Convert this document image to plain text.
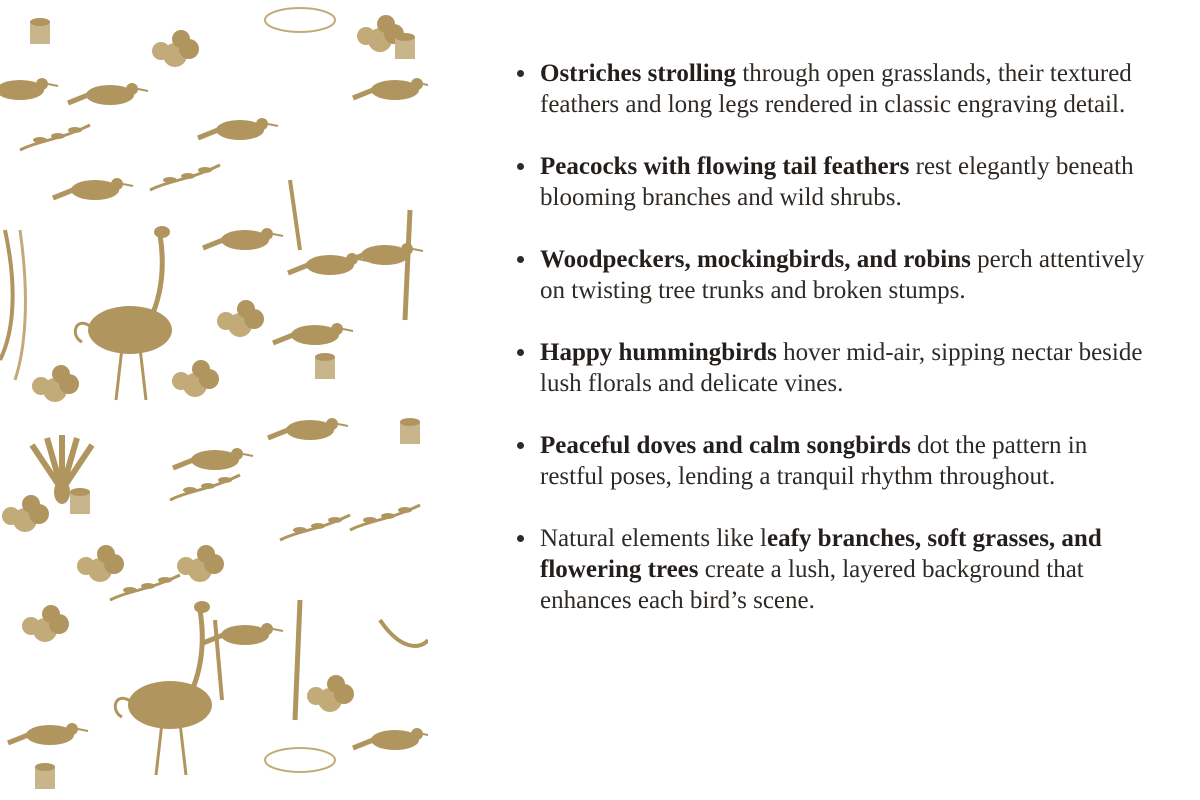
Ostriches strolling through open grasslands, their textured feathers and long legs rendered in classic engraving detail.
Peacocks with flowing tail feathers rest elegantly beneath blooming branches and wild shrubs.
Woodpeckers, mockingbirds, and robins perch attentively on twisting tree trunks and broken stumps.
Happy hummingbirds hover mid-air, sipping nectar beside lush florals and delicate vines.
Peaceful doves and calm songbirds dot the pattern in restful poses, lending a tranquil rhythm throughout.
Natural elements like leafy branches, soft grasses, and flowering trees create a lush, layered background that enhances each bird’s scene.
